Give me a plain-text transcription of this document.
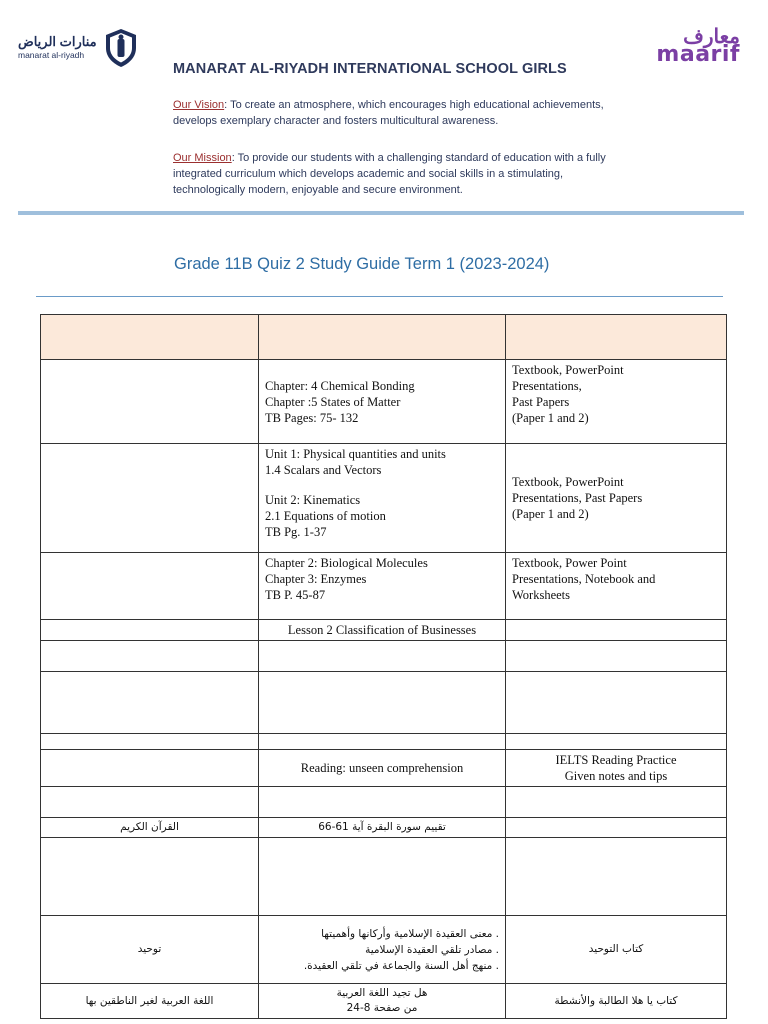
منارات الرياض
manarat al-riyadh
معارف
maarif
MANARAT AL-RIYADH INTERNATIONAL SCHOOL GIRLS
Our Vision: To create an atmosphere, which encourages high educational achievements, develops exemplary character and fosters multicultural awareness.
Our Mission: To provide our students with a challenging standard of education with a fully integrated curriculum which develops academic and social skills in a stimulating, technologically modern, enjoyable and secure environment.
Grade 11B Quiz 2 Study Guide Term 1 (2023-2024)

	Chapter: 4 Chemical Bonding
Chapter :5 States of Matter
TB Pages: 75- 132	Textbook, PowerPoint
Presentations,
Past Papers
(Paper 1 and 2)

	Unit 1: Physical quantities and units
1.4 Scalars and Vectors
Unit 2: Kinematics
2.1 Equations of motion
TB Pg. 1-37	Textbook, PowerPoint
Presentations, Past Papers
(Paper 1 and 2)

	Chapter 2: Biological Molecules
Chapter 3: Enzymes
TB P. 45-87	Textbook, Power Point
Presentations, Notebook and
Worksheets

	Lesson 2 Classification of Businesses	

	Reading: unseen comprehension	IELTS Reading Practice
Given notes and tips

القرآن الكريم	تقييم سورة البقرة آية 61-66	

توحيد	. معنى العقيدة الإسلامية وأركانها وأهميتها
. مصادر تلقي العقيدة الإسلامية
. منهج أهل السنة والجماعة في تلقي العقيدة.	كتاب التوحيد
اللغة العربية لغير الناطقين بها	هل تجيد اللغة العربية
من صفحة 8-24	كتاب يا هلا الطالبة والأنشطة
